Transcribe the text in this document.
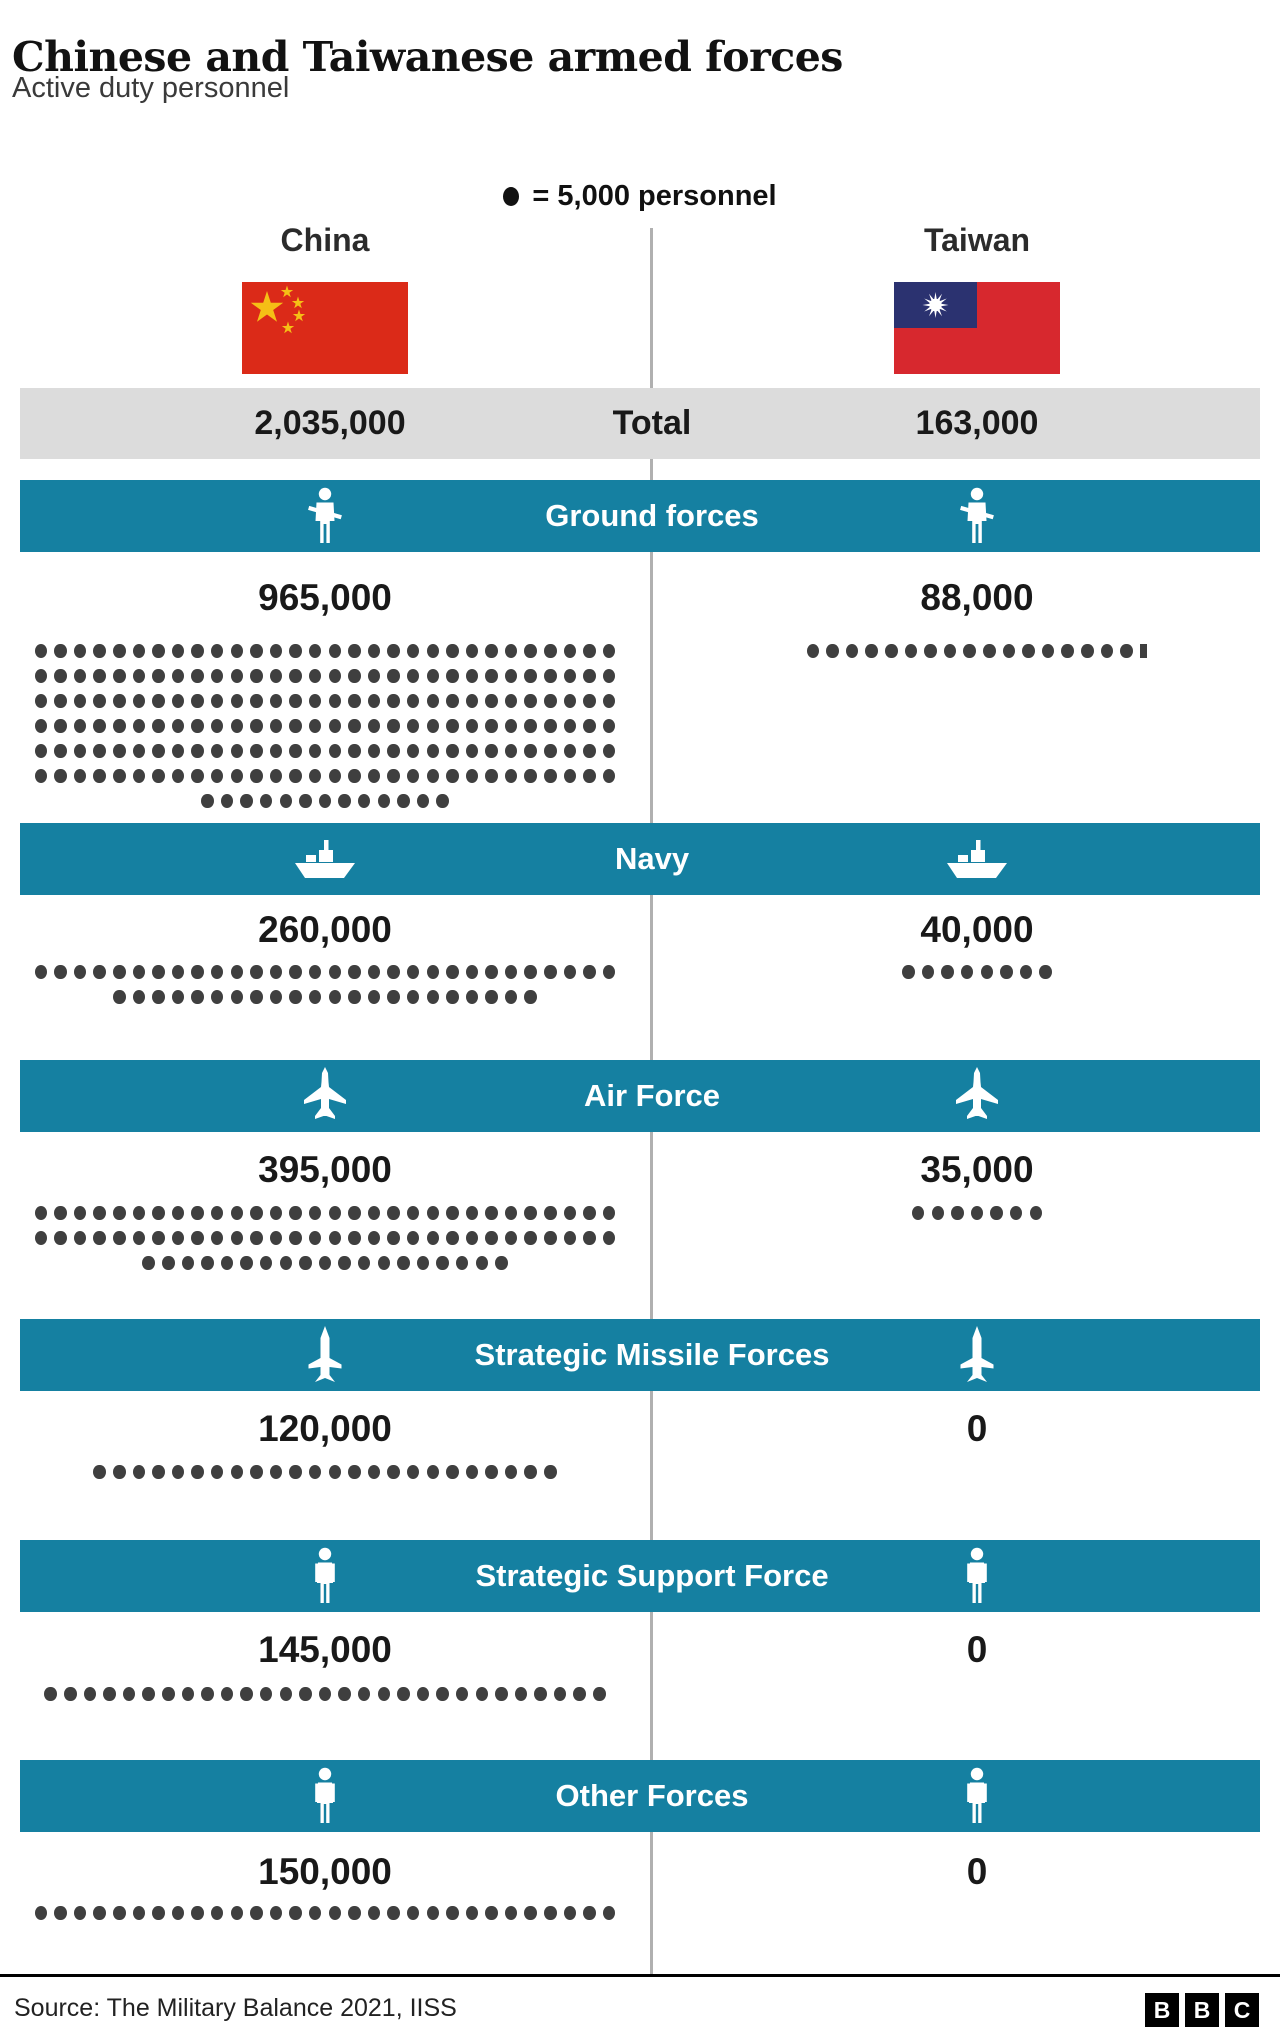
Chinese and Taiwanese armed forces
Active duty personnel
= 5,000 personnel
China	Taiwan
2,035,000	Total	163,000
Ground forces
965,000	88,000
Navy
260,000	40,000
Air Force
395,000	35,000
Strategic Missile Forces
120,000	0
Strategic Support Force
145,000	0
Other Forces
150,000	0
Source: The Military Balance 2021, IISS	B	B	C
